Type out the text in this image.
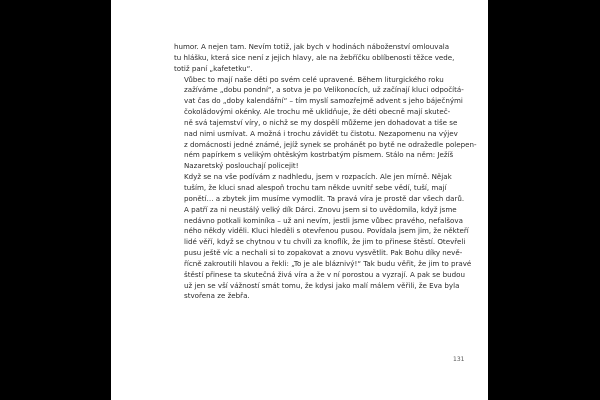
humor. A nejen tam. Nevím totiž, jak bych v hodinách náboženství omlouvala
tu hlášku, která sice není z jejich hlavy, ale na žebříčku oblíbenosti těžce vede,
totiž paní „kafetetku“.

Vůbec to mají naše děti po svém celé upravené. Během liturgického roku
zažíváme „dobu pondní“, a sotva je po Velikonocích, už začínají kluci odpočítá-
vat čas do „doby kalendářní“ – tím myslí samozřejmě advent s jeho báječnými
čokoládovými okénky. Ale trochu mě uklidňuje, že děti obecně mají skuteč-
ně svá tajemství víry, o nichž se my dospělí můžeme jen dohadovat a tiše se
nad nimi usmívat. A možná i trochu závidět tu čistotu. Nezapomenu na výjev
z domácnosti jedné známé, jejíž synek se prohánět po bytě ne odražedle polepen-
ném papírkem s velikým ohtěským kostrbatým písmem. Stálo na něm: Ježíš
Nazaretský poslouchají policejit!

Když se na vše podívám z nadhledu, jsem v rozpacích. Ale jen mírně. Nějak
tuším, že kluci snad alespoň trochu tam někde uvnitř sebe vědí, tuší, mají
ponětí… a zbytek jim musíme vymodlit. Ta pravá víra je prostě dar všech darů.
A patří za ni neustálý velký dík Dárci. Znovu jsem si to uvědomila, když jsme
nedávno potkali kominíka – už ani nevím, jestli jsme vůbec pravého, nefalšova
ného někdy viděli. Kluci hleděli s otevřenou pusou. Povídala jsem jim, že někteří
lidé věří, když se chytnou v tu chvíli za knoflík, že jim to přinese štěstí. Otevřeli
pusu ještě víc a nechali si to zopakovat a znovu vysvětlit. Pak Bohu díky nevě-
řícně zakroutili hlavou a řekli: „To je ale bláznivý!“ Tak budu věřit, že jim to pravé
štěstí přinese ta skutečná živá víra a že v ní porostou a vyzrají. A pak se budou
už jen se vší vážností smát tomu, že kdysi jako malí málem věřili, že Eva byla
stvořena ze žebřa.

131
